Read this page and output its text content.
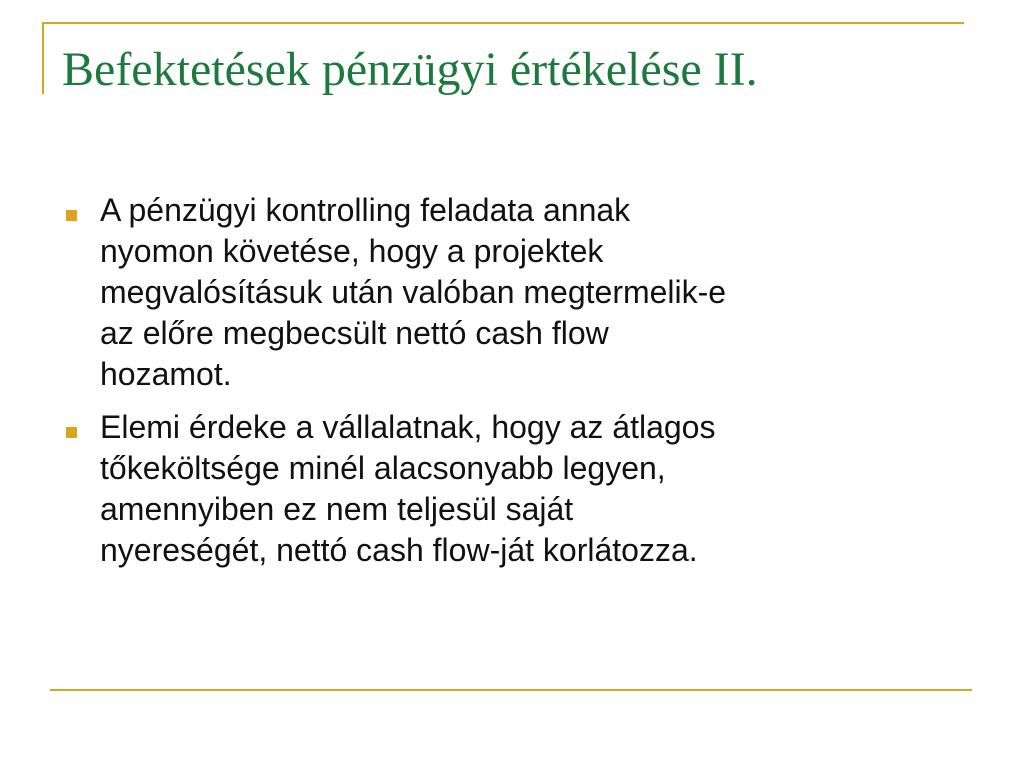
Befektetések pénzügyi értékelése II.
A pénzügyi kontrolling feladata annak
nyomon követése, hogy a projektek
megvalósításuk után valóban megtermelik-e
az előre megbecsült nettó cash flow
hozamot.
Elemi érdeke a vállalatnak, hogy az átlagos
tőkeköltsége minél alacsonyabb legyen,
amennyiben ez nem teljesül saját
nyereségét, nettó cash flow-ját korlátozza.
